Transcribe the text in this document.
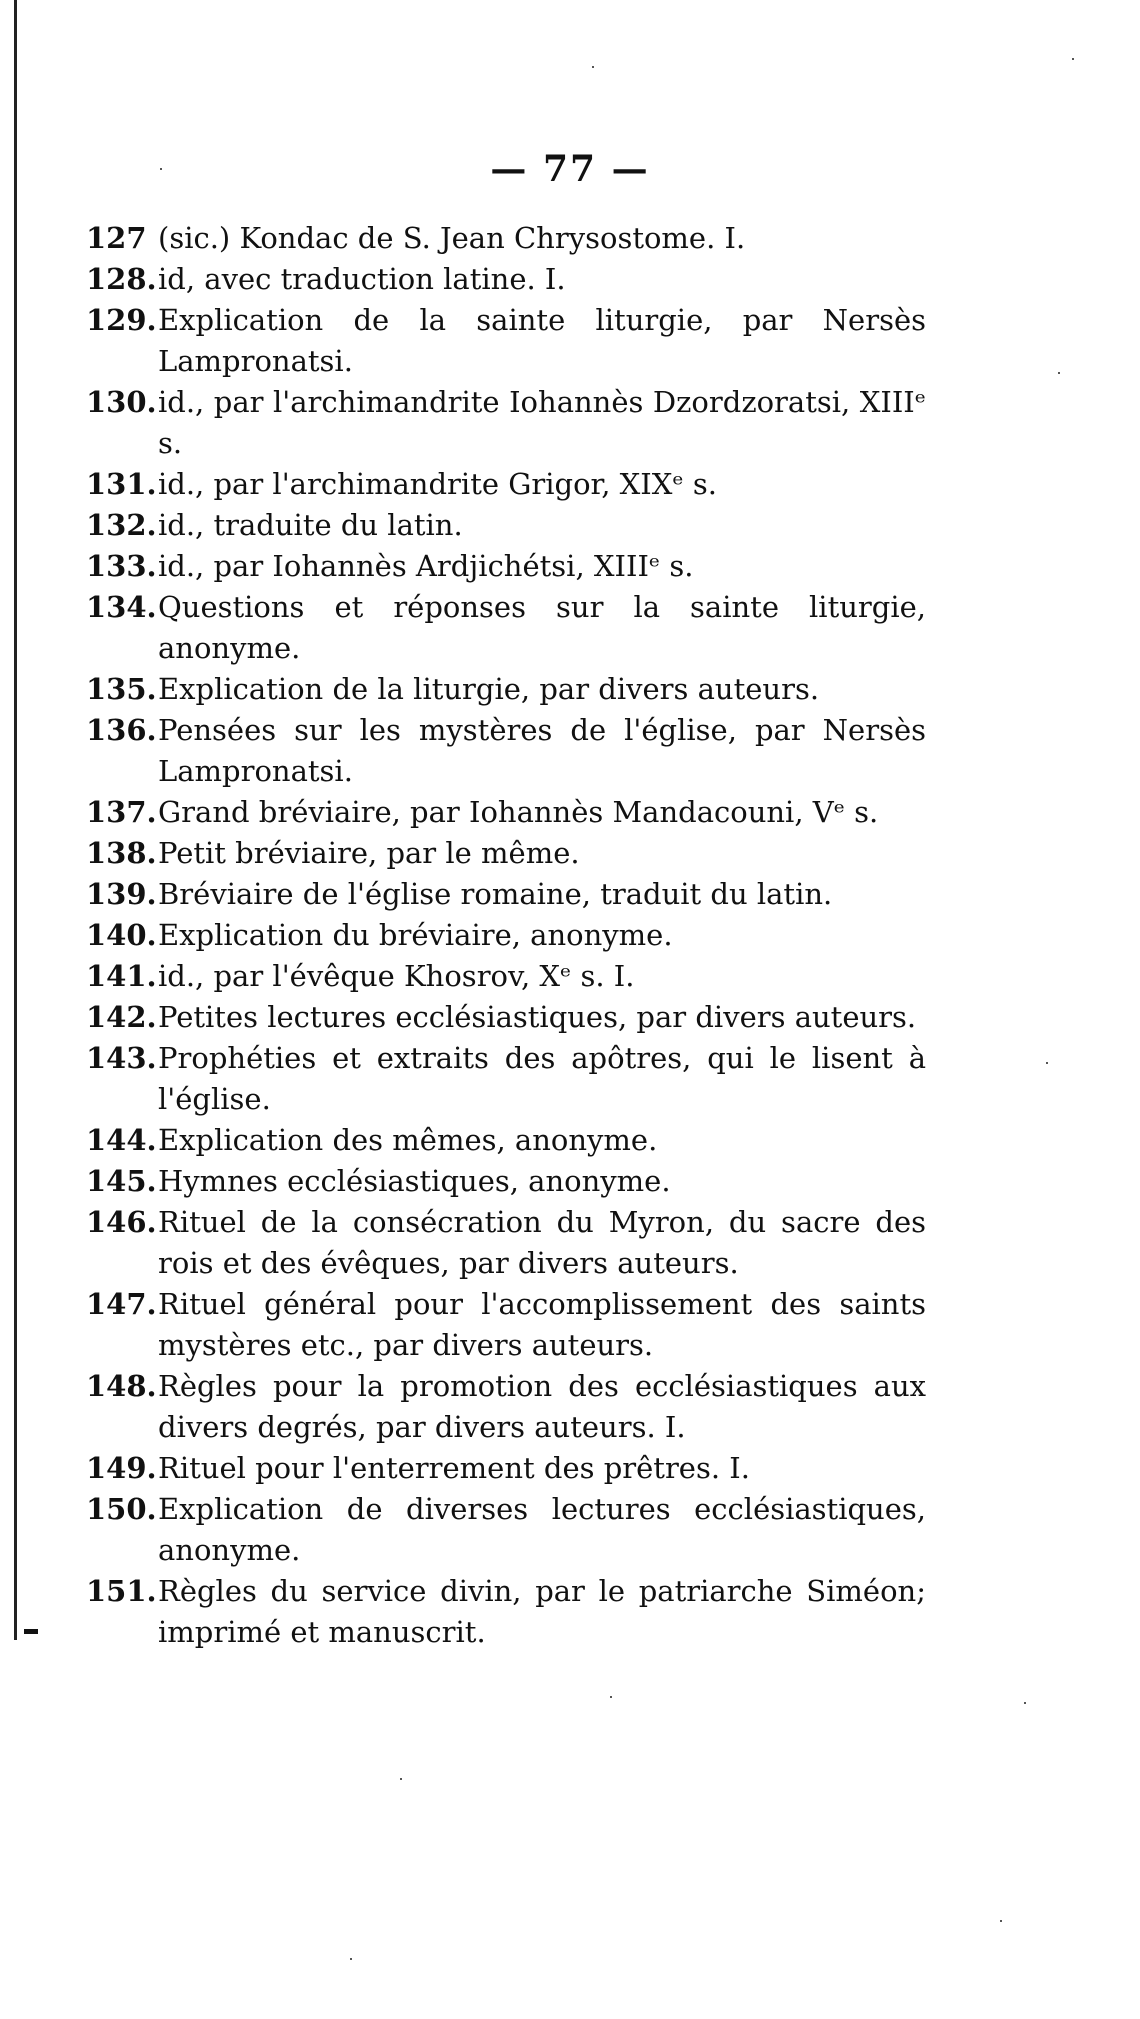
— 77 —
127 (sic.) Kondac de S. Jean Chrysostome. I.
128. id, avec traduction latine. I.
129. Explication de la sainte liturgie, par Nersès Lampronatsi.
130. id., par l'archimandrite Iohannès Dzordzoratsi, XIIIᵉ s.
131. id., par l'archimandrite Grigor, XIXᵉ s.
132. id., traduite du latin.
133. id., par Iohannès Ardjichétsi, XIIIᵉ s.
134. Questions et réponses sur la sainte liturgie, anonyme.
135. Explication de la liturgie, par divers auteurs.
136. Pensées sur les mystères de l'église, par Nersès Lampronatsi.
137. Grand bréviaire, par Iohannès Mandacouni, Vᵉ s.
138. Petit bréviaire, par le même.
139. Bréviaire de l'église romaine, traduit du latin.
140. Explication du bréviaire, anonyme.
141. id., par l'évêque Khosrov, Xᵉ s. I.
142. Petites lectures ecclésiastiques, par divers auteurs.
143. Prophéties et extraits des apôtres, qui le lisent à l'église.
144. Explication des mêmes, anonyme.
145. Hymnes ecclésiastiques, anonyme.
146. Rituel de la consécration du Myron, du sacre des rois et des évêques, par divers auteurs.
147. Rituel général pour l'accomplissement des saints mystères etc., par divers auteurs.
148. Règles pour la promotion des ecclésiastiques aux divers degrés, par divers auteurs. I.
149. Rituel pour l'enterrement des prêtres. I.
150. Explication de diverses lectures ecclésiastiques, anonyme.
151. Règles du service divin, par le patriarche Siméon; imprimé et manuscrit.
